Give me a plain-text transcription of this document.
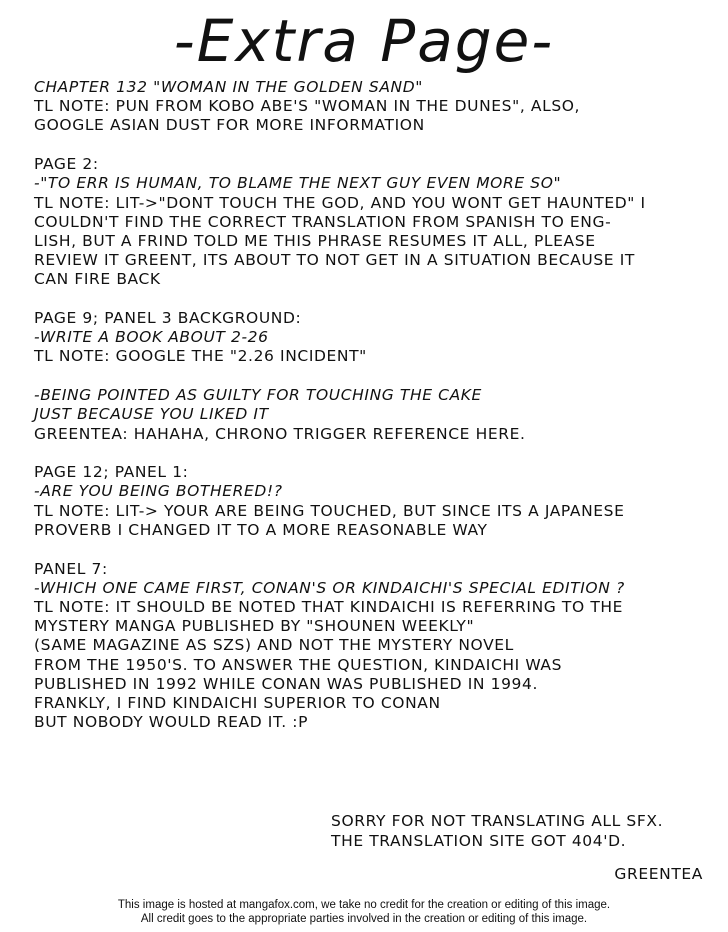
-Extra Page-
CHAPTER 132 "WOMAN IN THE GOLDEN SAND"
TL NOTE: PUN FROM KOBO ABE'S "WOMAN IN THE DUNES", ALSO,
GOOGLE ASIAN DUST FOR MORE INFORMATION
PAGE 2:
-"TO ERR IS HUMAN, TO BLAME THE NEXT GUY EVEN MORE SO"
TL NOTE: LIT->"DONT TOUCH THE GOD, AND YOU WONT GET HAUNTED" I
COULDN'T FIND THE CORRECT TRANSLATION FROM SPANISH TO ENG-
LISH, BUT A FRIND TOLD ME THIS PHRASE RESUMES IT ALL, PLEASE
REVIEW IT GREENT, ITS ABOUT TO NOT GET IN A SITUATION BECAUSE IT
CAN FIRE BACK
PAGE 9; PANEL 3 BACKGROUND:
-WRITE A BOOK ABOUT 2-26
TL NOTE: GOOGLE THE "2.26 INCIDENT"
-BEING POINTED AS GUILTY FOR TOUCHING THE CAKE
JUST BECAUSE YOU LIKED IT
GREENTEA: HAHAHA, CHRONO TRIGGER REFERENCE HERE.
PAGE 12; PANEL 1:
-ARE YOU BEING BOTHERED!?
TL NOTE: LIT-> YOUR ARE BEING TOUCHED, BUT SINCE ITS A JAPANESE
PROVERB I CHANGED IT TO A MORE REASONABLE WAY
PANEL 7:
-WHICH ONE CAME FIRST, CONAN'S OR KINDAICHI'S SPECIAL EDITION ?
TL NOTE: IT SHOULD BE NOTED THAT KINDAICHI IS REFERRING TO THE
MYSTERY MANGA PUBLISHED BY "SHOUNEN WEEKLY"
(SAME MAGAZINE AS SZS) AND NOT THE MYSTERY NOVEL
FROM THE 1950'S. TO ANSWER THE QUESTION, KINDAICHI WAS
PUBLISHED IN 1992 WHILE CONAN WAS PUBLISHED IN 1994.
FRANKLY, I FIND KINDAICHI SUPERIOR TO CONAN
BUT NOBODY WOULD READ IT. :P
SORRY FOR NOT TRANSLATING ALL SFX.
THE TRANSLATION SITE GOT 404'D.
GREENTEA
This image is hosted at mangafox.com, we take no credit for the creation or editing of this image.
All credit goes to the appropriate parties involved in the creation or editing of this image.
